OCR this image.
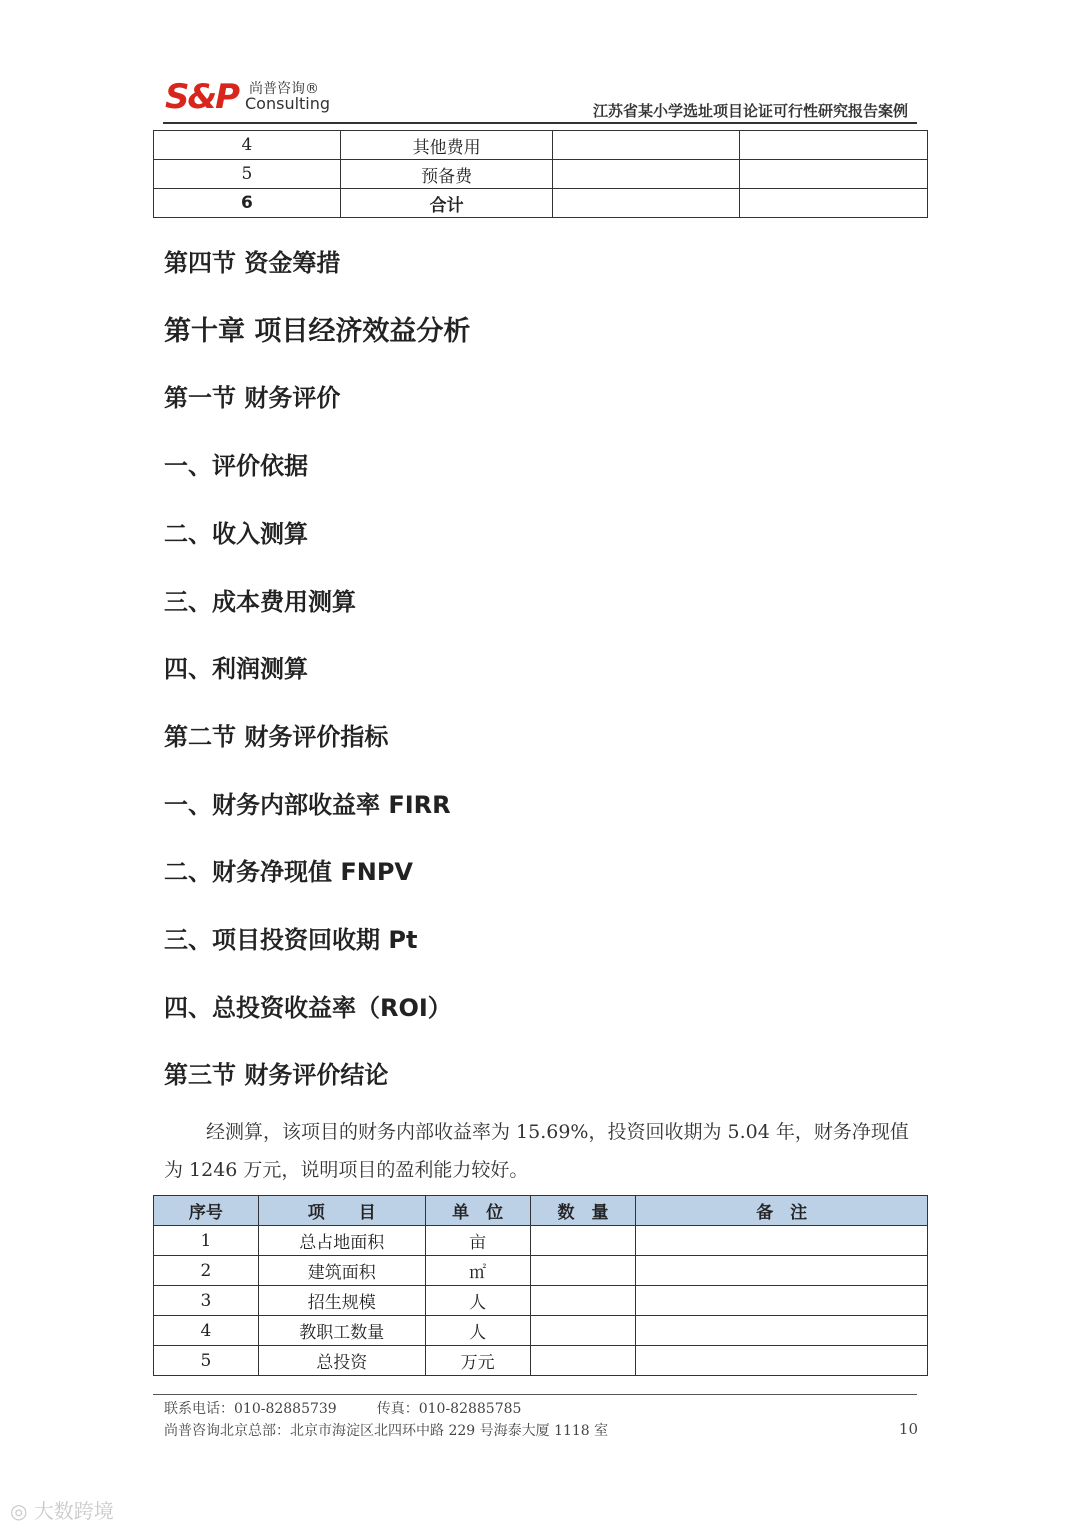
S&P 尚普咨询®
Consulting	江苏省某小学选址项目论证可行性研究报告案例
4	其他费用		
5	预备费		
6	合计		
第四节 资金筹措
第十章 项目经济效益分析
第一节 财务评价
一、评价依据
二、收入测算
三、成本费用测算
四、利润测算
第二节 财务评价指标
一、财务内部收益率 FIRR
二、财务净现值 FNPV
三、项目投资回收期 Pt
四、总投资收益率（ROI）
第三节 财务评价结论
经测算，该项目的财务内部收益率为 15.69%，投资回收期为 5.04 年，财务净现值为 1246 万元，说明项目的盈利能力较好。
序号	项　　目	单　位	数　量	备　注
1	总占地面积	亩		
2	建筑面积	㎡		
3	招生规模	人		
4	教职工数量	人		
5	总投资	万元		
联系电话：010-82885739	传真：010-82885785
尚普咨询北京总部：北京市海淀区北四环中路 229 号海泰大厦 1118 室	10
◎ 大数跨境
